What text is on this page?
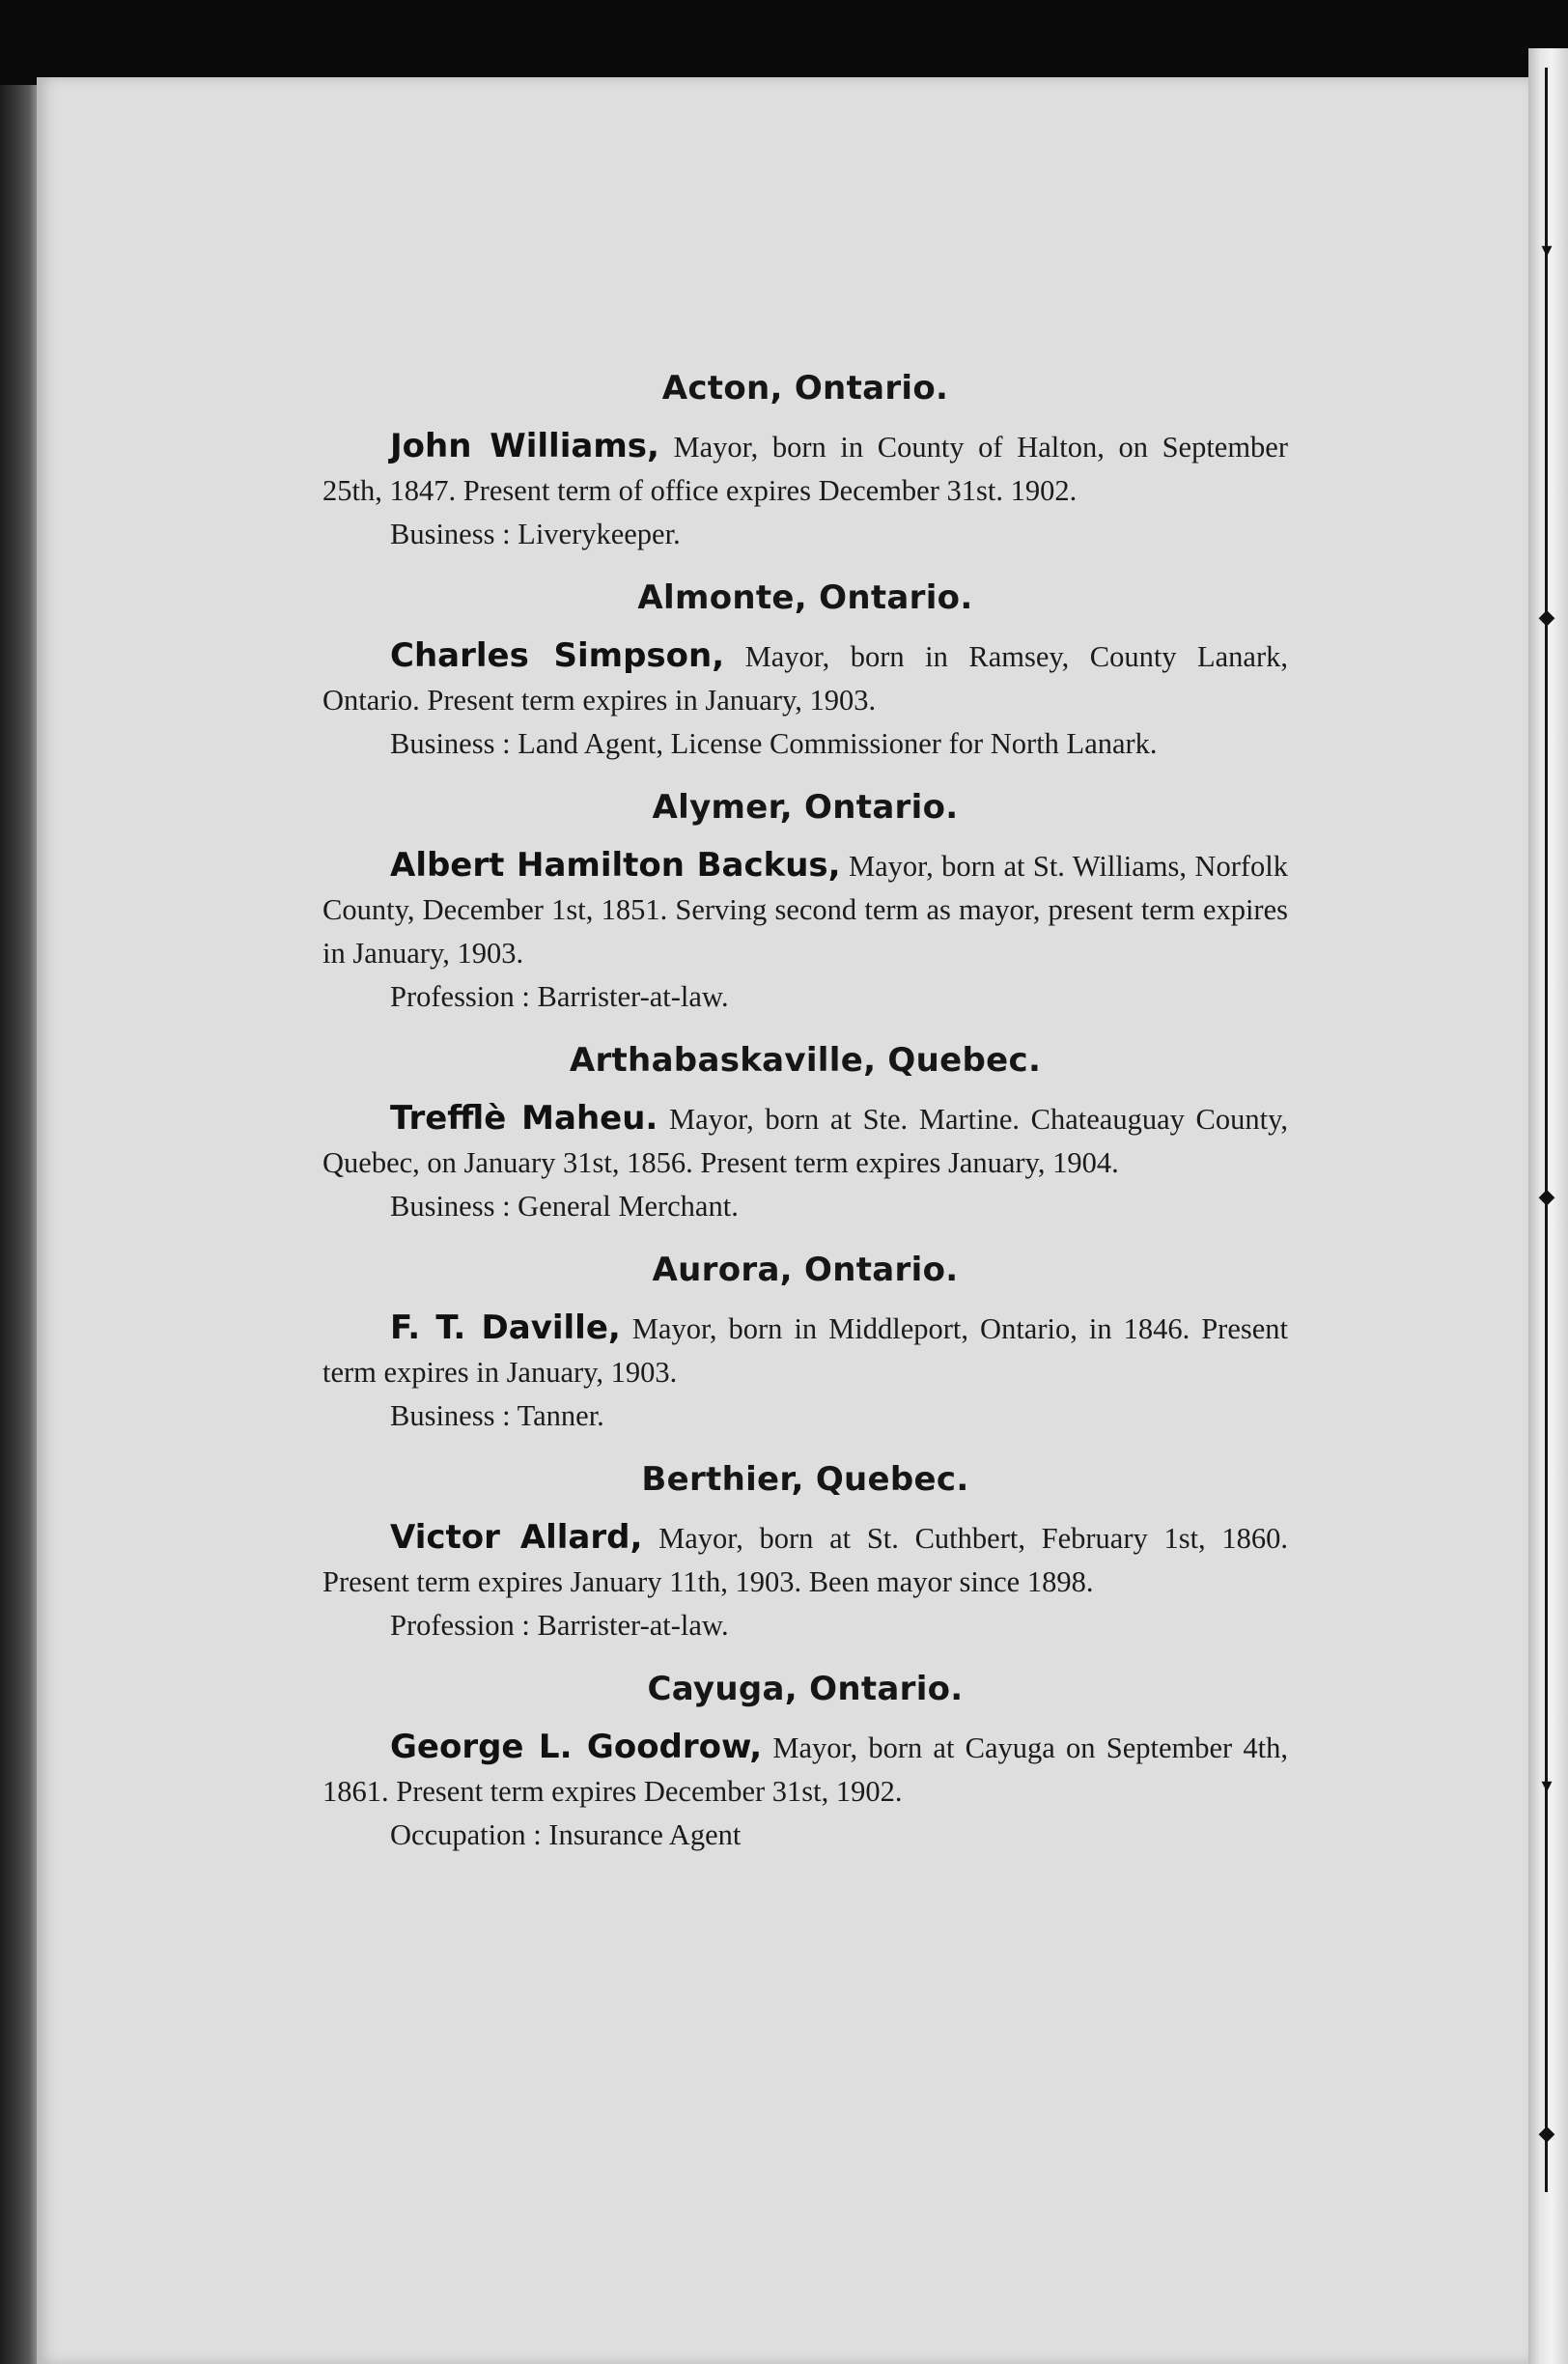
▾
◆
◆
▾
◆
Acton, Ontario.

John Williams, Mayor, born in County of Halton, on September 25th, 1847. Present term of office expires December 31st. 1902.

Business : Liverykeeper.

Almonte, Ontario.

Charles Simpson, Mayor, born in Ramsey, County Lanark, Ontario. Present term expires in January, 1903.

Business : Land Agent, License Commissioner for North Lanark.

Alymer, Ontario.

Albert Hamilton Backus, Mayor, born at St. Williams, Norfolk County, December 1st, 1851. Serving second term as mayor, present term expires in January, 1903.

Profession : Barrister-at-law.

Arthabaskaville, Quebec.

Trefflè Maheu. Mayor, born at Ste. Martine. Chateauguay County, Quebec, on January 31st, 1856. Present term expires January, 1904.

Business : General Merchant.

Aurora, Ontario.

F. T. Daville, Mayor, born in Middleport, Ontario, in 1846. Present term expires in January, 1903.

Business : Tanner.

Berthier, Quebec.

Victor Allard, Mayor, born at St. Cuthbert, February 1st, 1860. Present term expires January 11th, 1903. Been mayor since 1898.

Profession : Barrister-at-law.

Cayuga, Ontario.

George L. Goodrow, Mayor, born at Cayuga on September 4th, 1861. Present term expires December 31st, 1902.

Occupation : Insurance Agent
